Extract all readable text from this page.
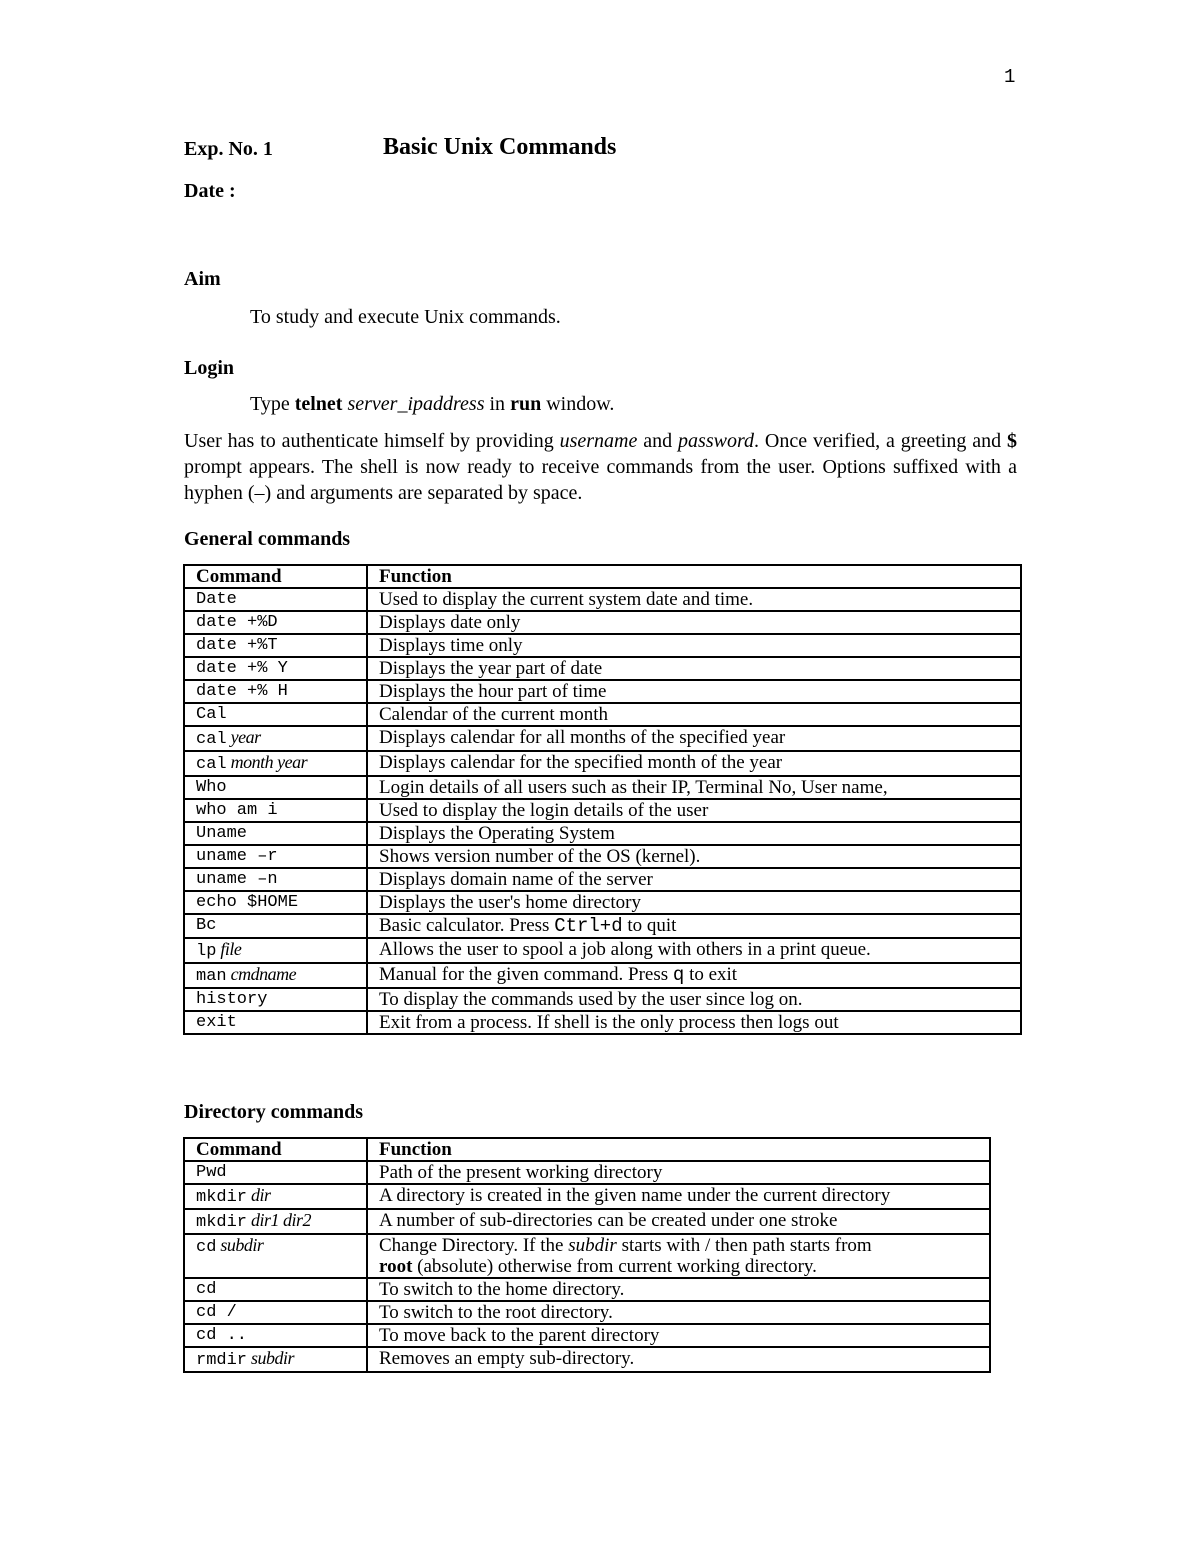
1
Exp. No. 1	Basic Unix Commands
Date :
Aim
To study and execute Unix commands.
Login
Type telnet server_ipaddress in run window.
User has to authenticate himself by providing username and password. Once verified, a greeting and $ prompt appears. The shell is now ready to receive commands from the user. Options suffixed with a hyphen (–) and arguments are separated by space.
General commands
Command	Function
Date	Used to display the current system date and time.
date +%D	Displays date only
date +%T	Displays time only
date +% Y	Displays the year part of date
date +% H	Displays the hour part of time
Cal	Calendar of the current month
cal year	Displays calendar for all months of the specified year
cal month year	Displays calendar for the specified month of the year
Who	Login details of all users such as their IP, Terminal No, User name,
who am i	Used to display the login details of the user
Uname	Displays the Operating System
uname –r	Shows version number of the OS (kernel).
uname –n	Displays domain name of the server
echo $HOME	Displays the user's home directory
Bc	Basic calculator. Press Ctrl+d to quit
lp file	Allows the user to spool a job along with others in a print queue.
man cmdname	Manual for the given command. Press q to exit
history	To display the commands used by the user since log on.
exit	Exit from a process. If shell is the only process then logs out
Directory commands
Command	Function
Pwd	Path of the present working directory
mkdir dir	A directory is created in the given name under the current directory
mkdir dir1 dir2	A number of sub-directories can be created under one stroke
cd subdir	Change Directory. If the subdir starts with / then path starts from
root (absolute) otherwise from current working directory.
cd	To switch to the home directory.
cd /	To switch to the root directory.
cd ..	To move back to the parent directory
rmdir subdir	Removes an empty sub-directory.
